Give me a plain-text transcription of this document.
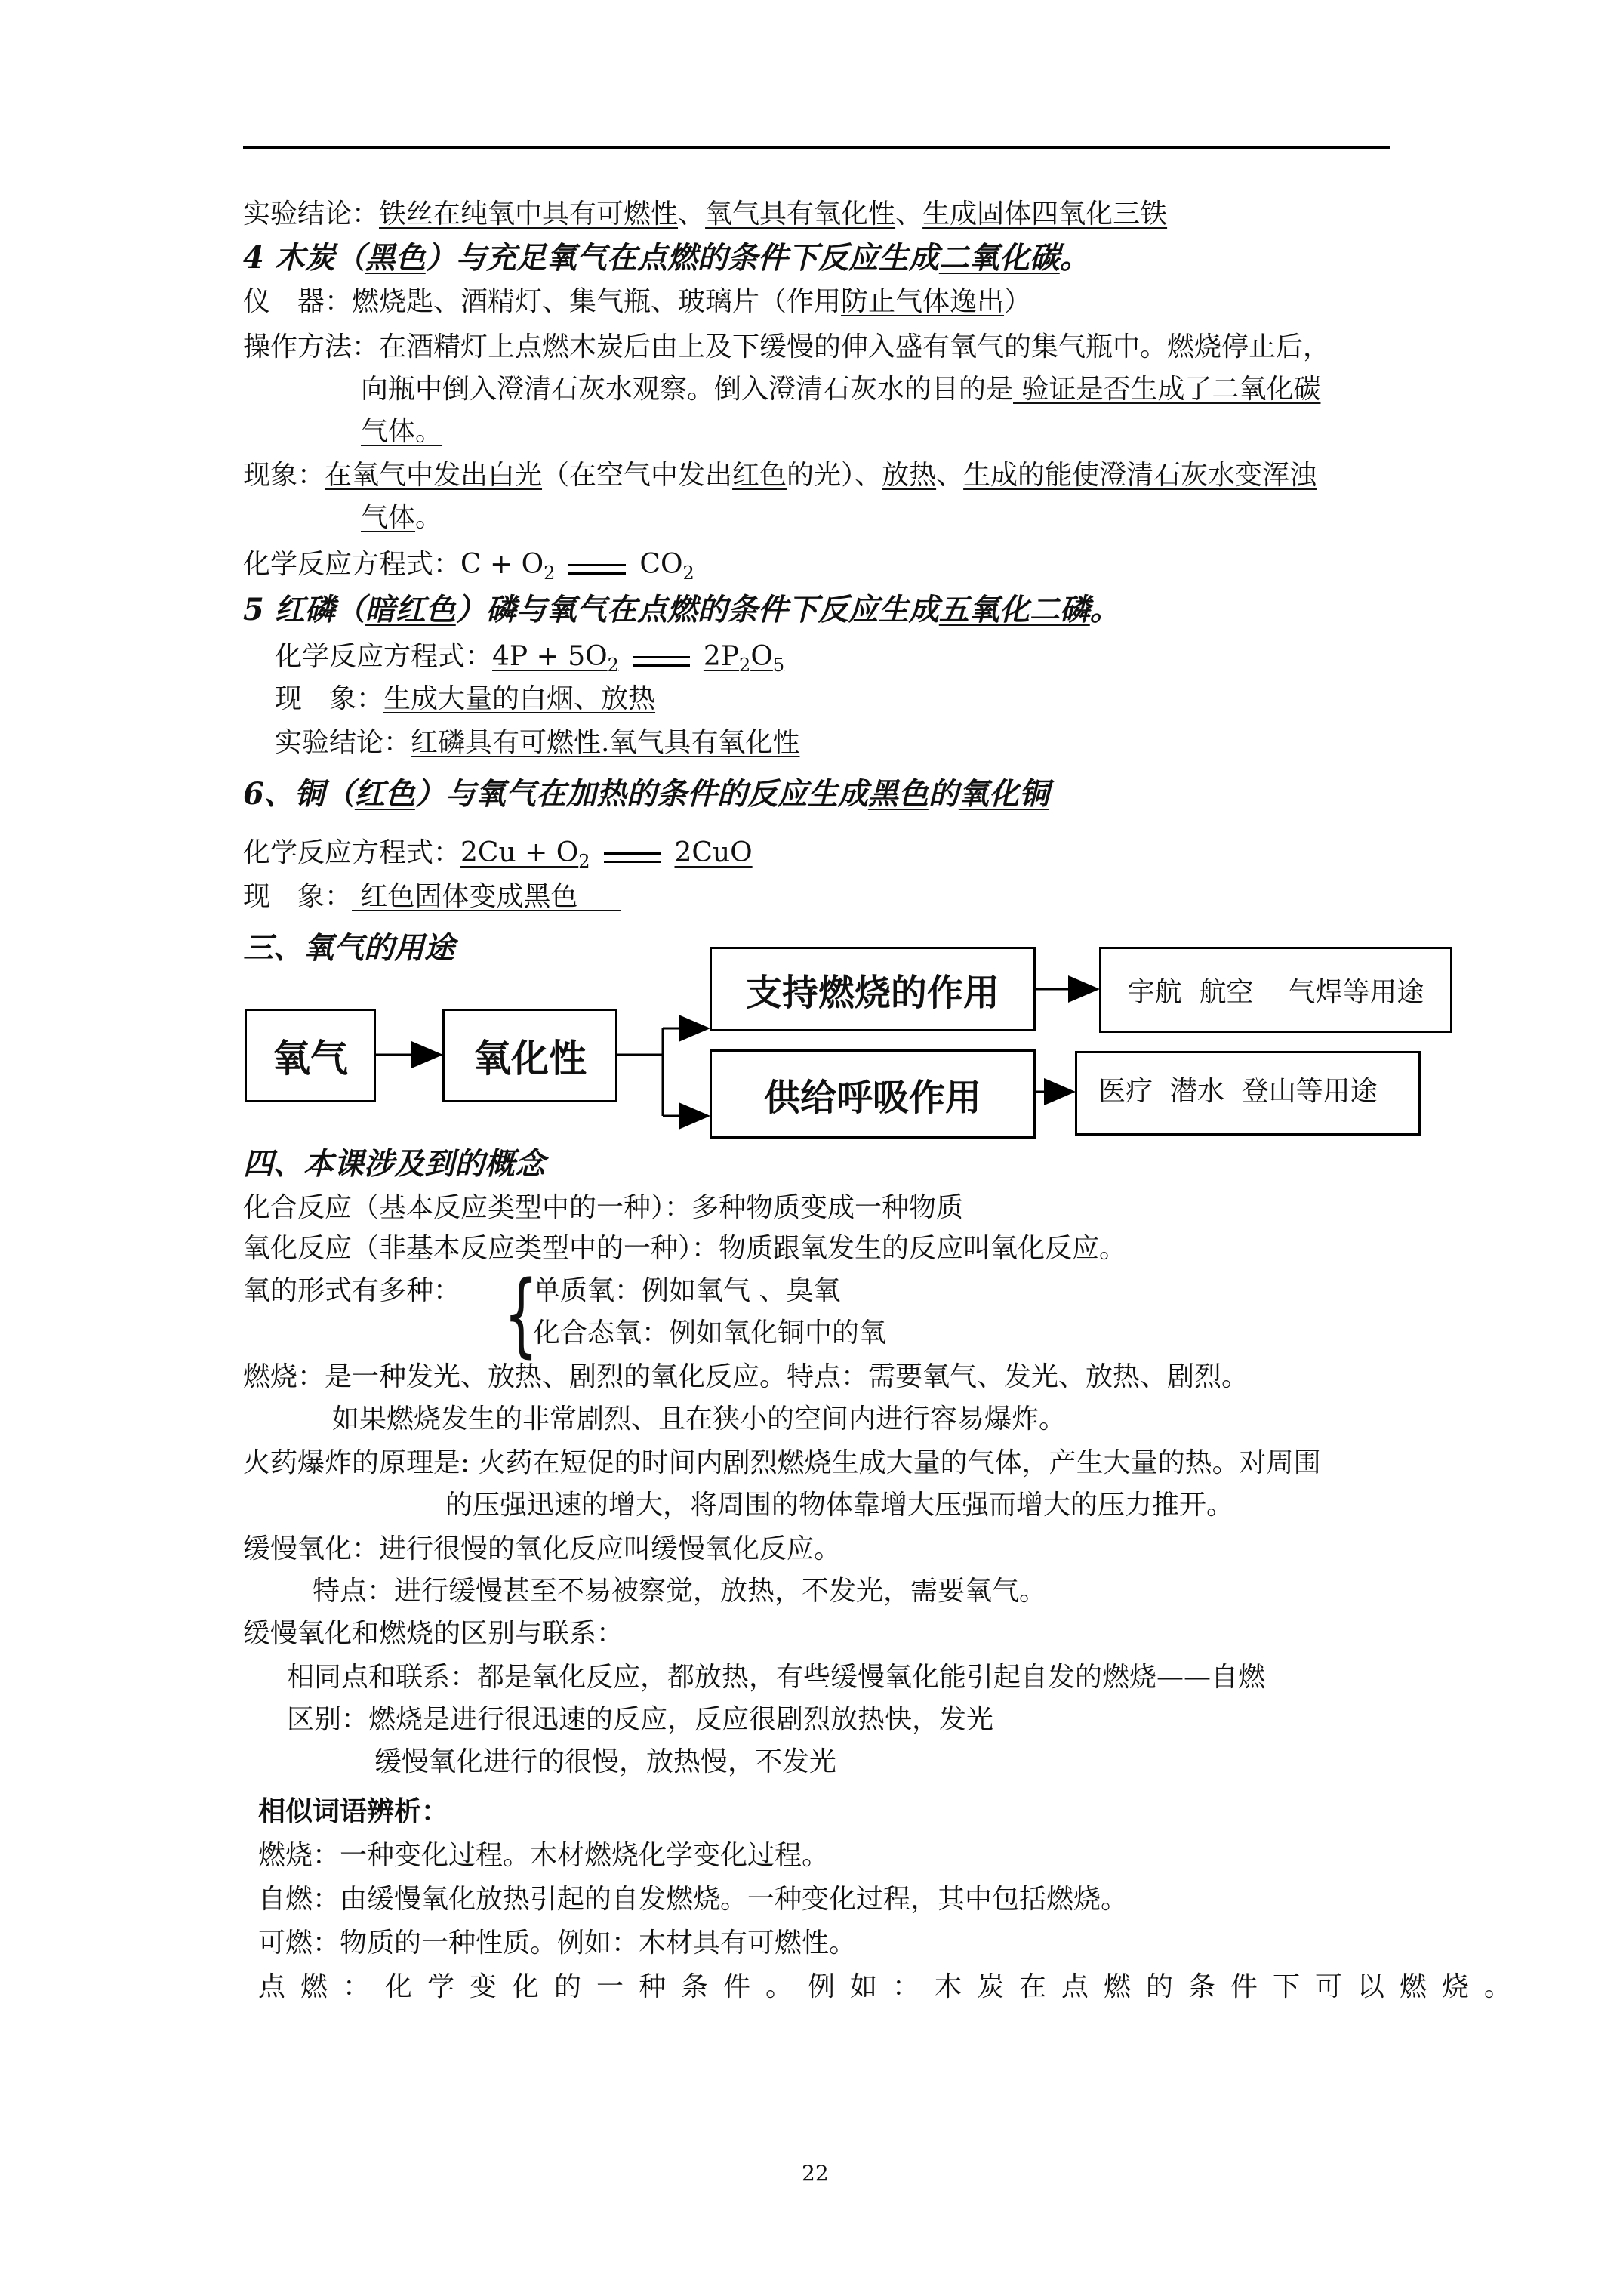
实验结论：铁丝在纯氧中具有可燃性、氧气具有氧化性、生成固体四氧化三铁
4 木炭（黑色）与充足氧气在点燃的条件下反应生成二氧化碳。
仪　器：燃烧匙、酒精灯、集气瓶、玻璃片（作用防止气体逸出）
操作方法：在酒精灯上点燃木炭后由上及下缓慢的伸入盛有氧气的集气瓶中。燃烧停止后，
向瓶中倒入澄清石灰水观察。倒入澄清石灰水的目的是 验证是否生成了二氧化碳
气体。
现象：在氧气中发出白光（在空气中发出红色的光）、放热、生成的能使澄清石灰水变浑浊
气体。
化学反应方程式：$C + O_2$	$CO_2$
5 红磷（暗红色）磷与氧气在点燃的条件下反应生成五氧化二磷。
化学反应方程式：$4P + 5O_2$	$2P_2O_5$
现　象：生成大量的白烟、放热
实验结论：红磷具有可燃性.氧气具有氧化性
6、铜（红色）与氧气在加热的条件的反应生成黑色的氧化铜
化学反应方程式：$2Cu + O_2$	2CuO
现　象： 红色固体变成黑色
三、氧气的用途
氧气	氧化性
支持燃烧的作用
供给呼吸作用
宇航  航空    气焊等用途
医疗  潜水  登山等用途
四、本课涉及到的概念
化合反应（基本反应类型中的一种）：多种物质变成一种物质
氧化反应（非基本反应类型中的一种）：物质跟氧发生的反应叫氧化反应。
氧的形式有多种： {
单质氧：例如氧气 、臭氧
化合态氧：例如氧化铜中的氧
燃烧：是一种发光、放热、剧烈的氧化反应。特点：需要氧气、发光、放热、剧烈。
如果燃烧发生的非常剧烈、且在狭小的空间内进行容易爆炸。
火药爆炸的原理是: 火药在短促的时间内剧烈燃烧生成大量的气体，产生大量的热。对周围
的压强迅速的增大，将周围的物体靠增大压强而增大的压力推开。
缓慢氧化：进行很慢的氧化反应叫缓慢氧化反应。
特点：进行缓慢甚至不易被察觉，放热，不发光，需要氧气。
缓慢氧化和燃烧的区别与联系：
相同点和联系：都是氧化反应，都放热，有些缓慢氧化能引起自发的燃烧——自燃
区别：燃烧是进行很迅速的反应，反应很剧烈放热快，发光
缓慢氧化进行的很慢，放热慢，不发光
相似词语辨析：
燃烧：一种变化过程。木材燃烧化学变化过程。
自燃：由缓慢氧化放热引起的自发燃烧。一种变化过程，其中包括燃烧。
可燃：物质的一种性质。例如：木材具有可燃性。
点燃：化学变化的一种条件。例如：木炭在点燃的条件下可以燃烧。
22
